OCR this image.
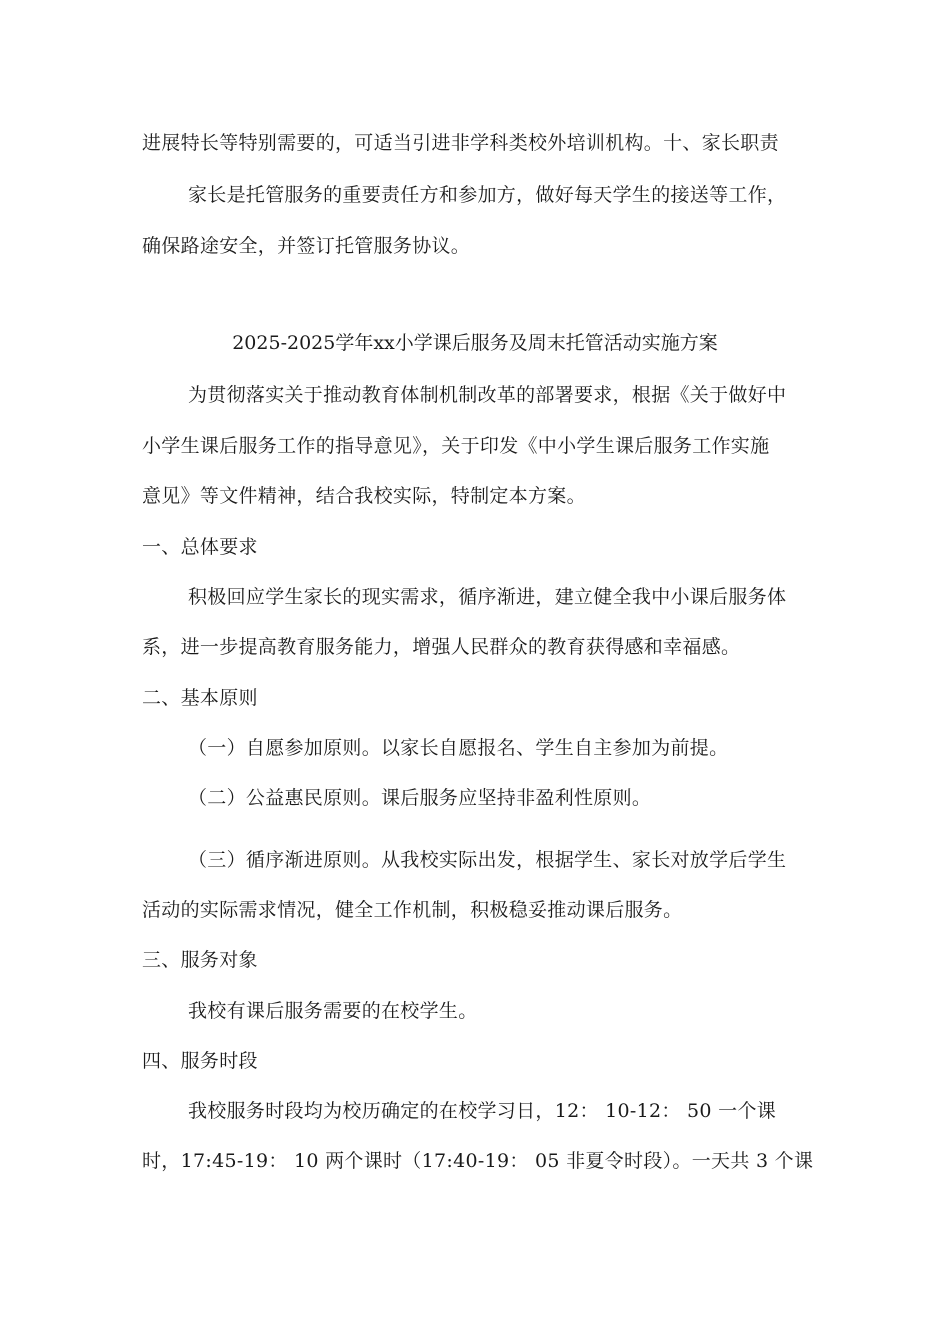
进展特长等特别需要的，可适当引进非学科类校外培训机构。十、家长职责
家长是托管服务的重要责任方和参加方，做好每天学生的接送等工作，
确保路途安全，并签订托管服务协议。
2025-2025学年xx小学课后服务及周末托管活动实施方案
为贯彻落实关于推动教育体制机制改革的部署要求，根据《关于做好中
小学生课后服务工作的指导意见》，关于印发《中小学生课后服务工作实施
意见》等文件精神，结合我校实际，特制定本方案。
一、总体要求
积极回应学生家长的现实需求，循序渐进，建立健全我中小课后服务体
系，进一步提高教育服务能力，增强人民群众的教育获得感和幸福感。
二、基本原则
（一）自愿参加原则。以家长自愿报名、学生自主参加为前提。
（二）公益惠民原则。课后服务应坚持非盈利性原则。
（三）循序渐进原则。从我校实际出发，根据学生、家长对放学后学生
活动的实际需求情况，健全工作机制，积极稳妥推动课后服务。
三、服务对象
我校有课后服务需要的在校学生。
四、服务时段
我校服务时段均为校历确定的在校学习日，12： 10-12： 50 一个课
时，17:45-19： 10 两个课时（17:40-19： 05 非夏令时段）。一天共 3 个课
